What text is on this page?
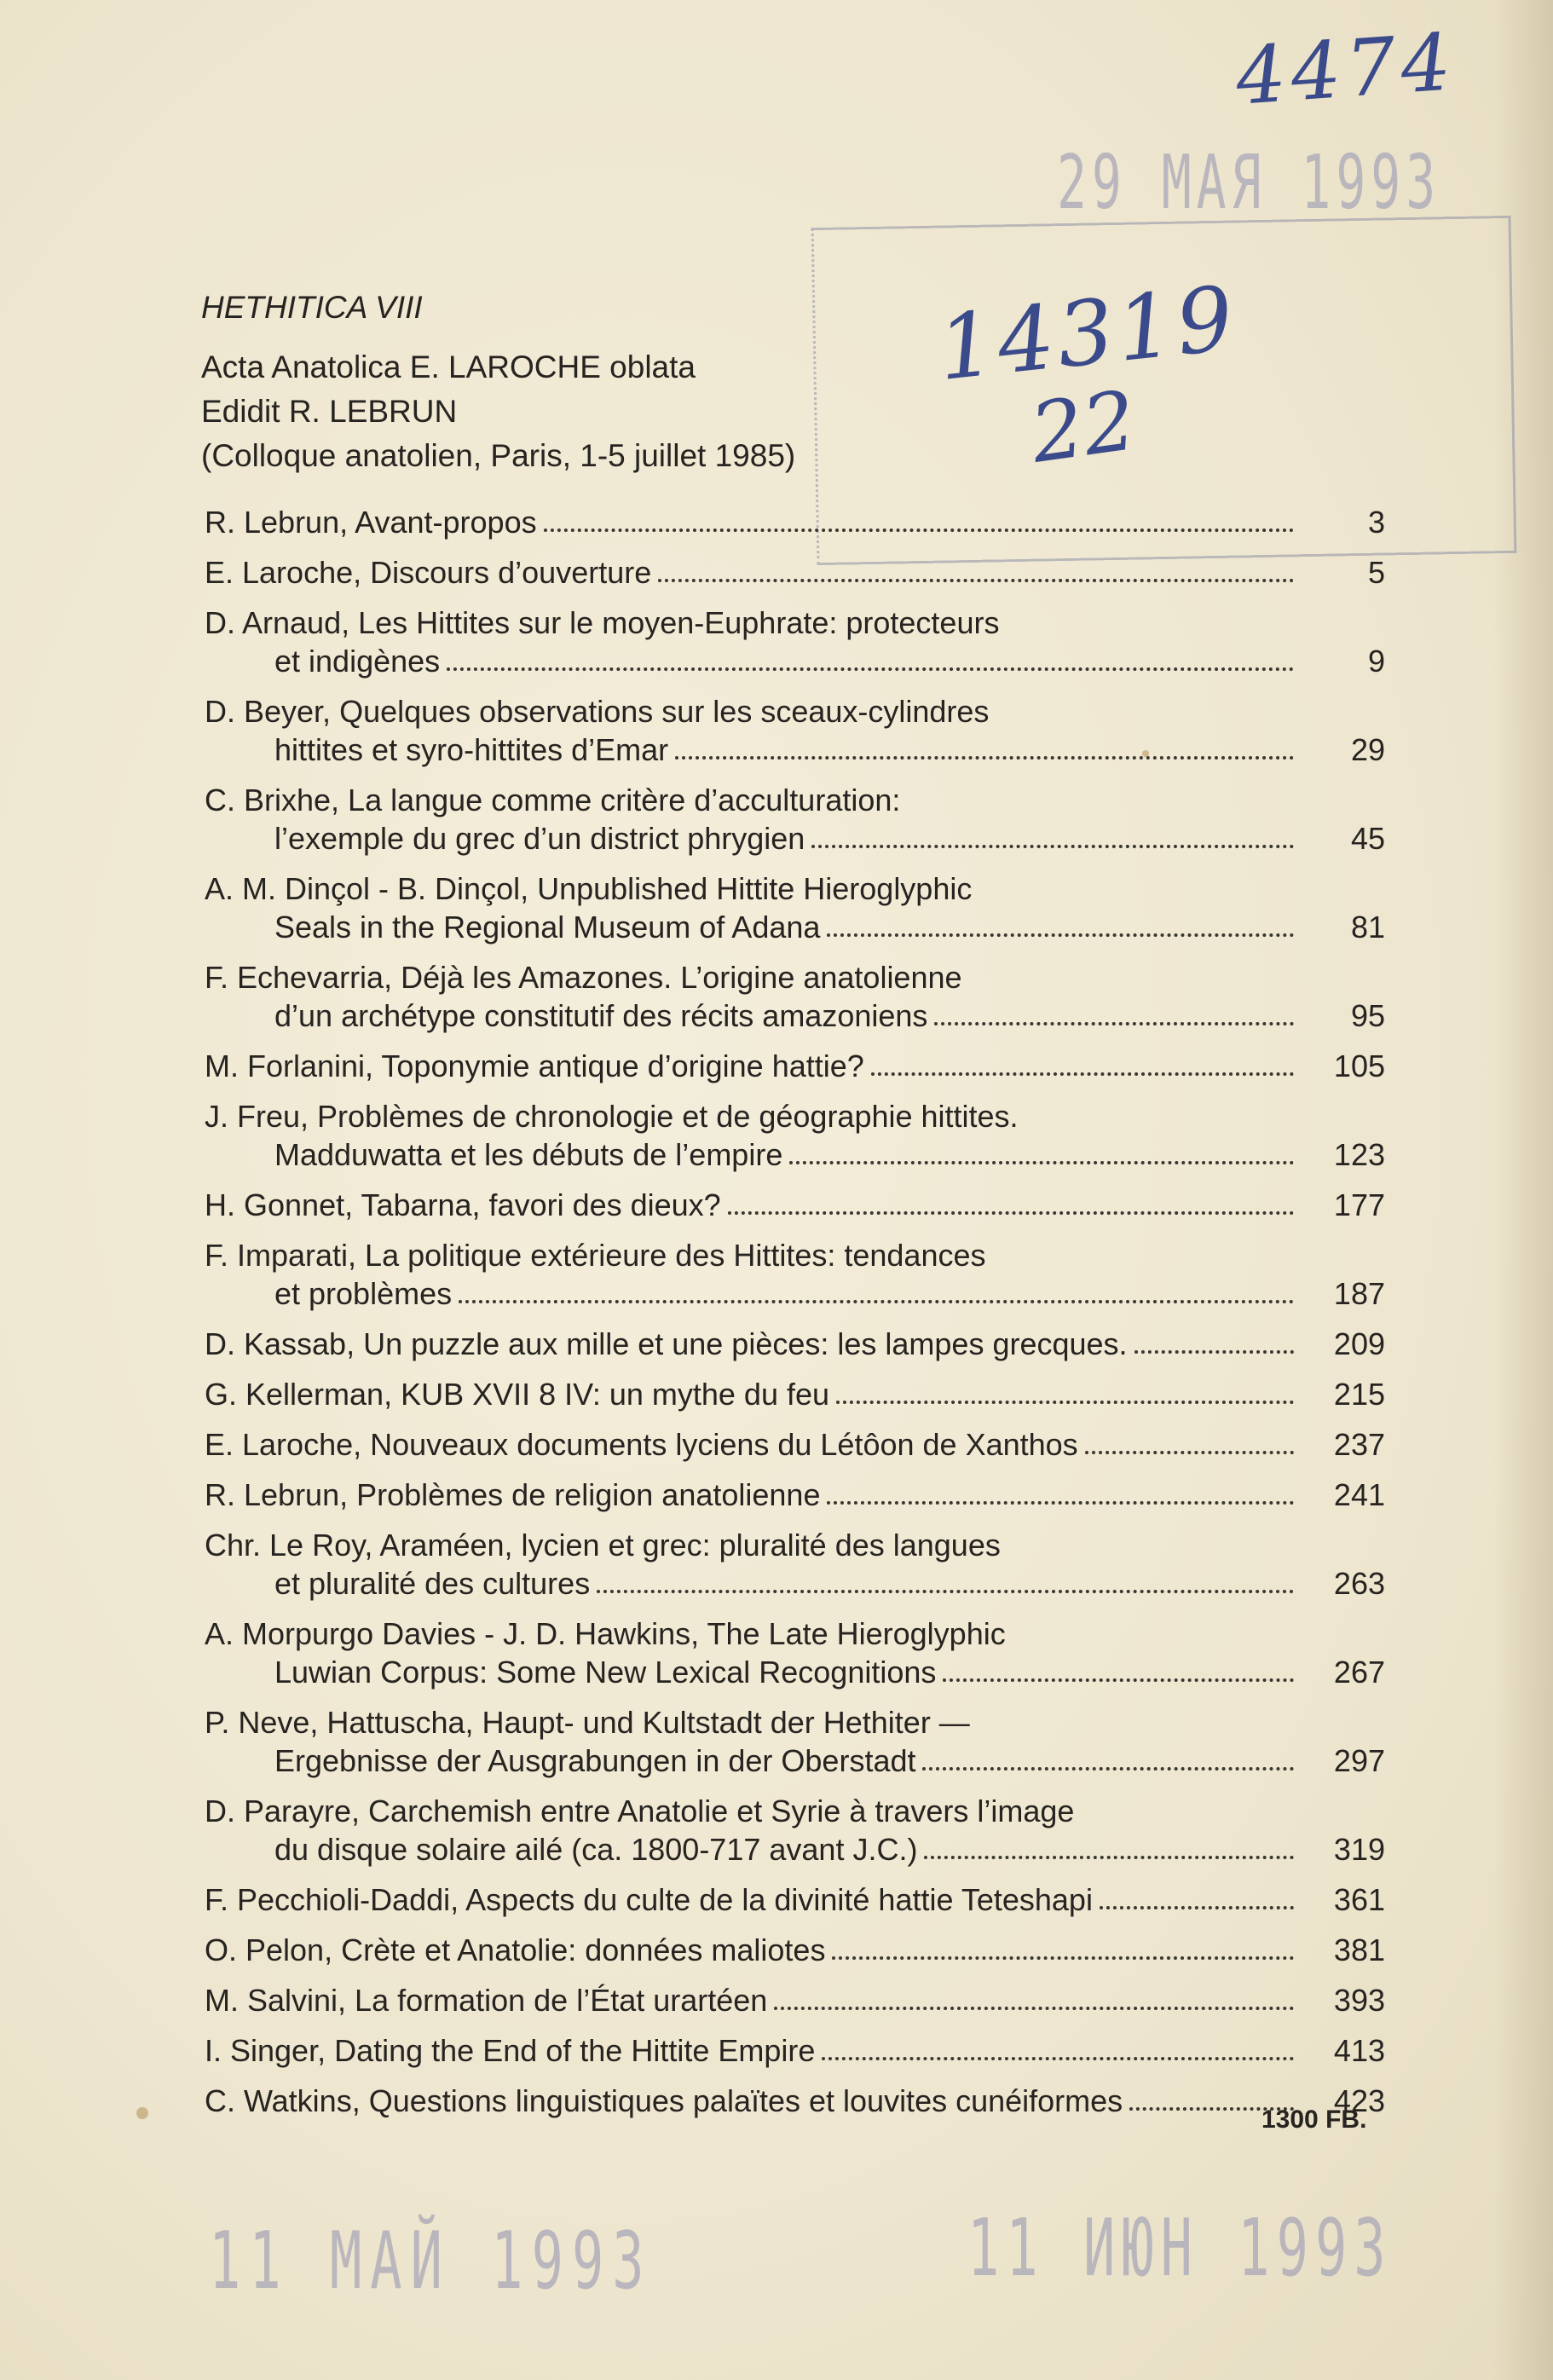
4474
14319
22
29 МАЯ 1993
HETHITICA VIII
Acta Anatolica E. LAROCHE oblata
Edidit R. LEBRUN
(Colloque anatolien, Paris, 1-5 juillet 1985)
R. Lebrun, Avant-propos	3
E. Laroche, Discours d’ouverture	5
D. Arnaud, Les Hittites sur le moyen-Euphrate: protecteurs
et indigènes	9
D. Beyer, Quelques observations sur les sceaux-cylindres
hittites et syro-hittites d’Emar	29
C. Brixhe, La langue comme critère d’acculturation:
l’exemple du grec d’un district phrygien	45
A. M. Dinçol - B. Dinçol, Unpublished Hittite Hieroglyphic
Seals in the Regional Museum of Adana	81
F. Echevarria, Déjà les Amazones. L’origine anatolienne
d’un archétype constitutif des récits amazoniens	95
M. Forlanini, Toponymie antique d’origine hattie?	105
J. Freu, Problèmes de chronologie et de géographie hittites.
Madduwatta et les débuts de l’empire	123
H. Gonnet, Tabarna, favori des dieux?	177
F. Imparati, La politique extérieure des Hittites: tendances
et problèmes	187
D. Kassab, Un puzzle aux mille et une pièces: les lampes grecques.	209
G. Kellerman, KUB XVII 8 IV: un mythe du feu	215
E. Laroche, Nouveaux documents lyciens du Létôon de Xanthos	237
R. Lebrun, Problèmes de religion anatolienne	241
Chr. Le Roy, Araméen, lycien et grec: pluralité des langues
et pluralité des cultures	263
A. Morpurgo Davies - J. D. Hawkins, The Late Hieroglyphic
Luwian Corpus: Some New Lexical Recognitions	267
P. Neve, Hattuscha, Haupt- und Kultstadt der Hethiter —
Ergebnisse der Ausgrabungen in der Oberstadt	297
D. Parayre, Carchemish entre Anatolie et Syrie à travers l’image
du disque solaire ailé (ca. 1800-717 avant J.C.)	319
F. Pecchioli-Daddi, Aspects du culte de la divinité hattie Teteshapi	361
O. Pelon, Crète et Anatolie: données maliotes	381
M. Salvini, La formation de l’État urartéen	393
I. Singer, Dating the End of the Hittite Empire	413
C. Watkins, Questions linguistiques palaïtes et louvites cunéiformes	423
1300 FB.
11 МАЙ 1993	11 ИЮН 1993
